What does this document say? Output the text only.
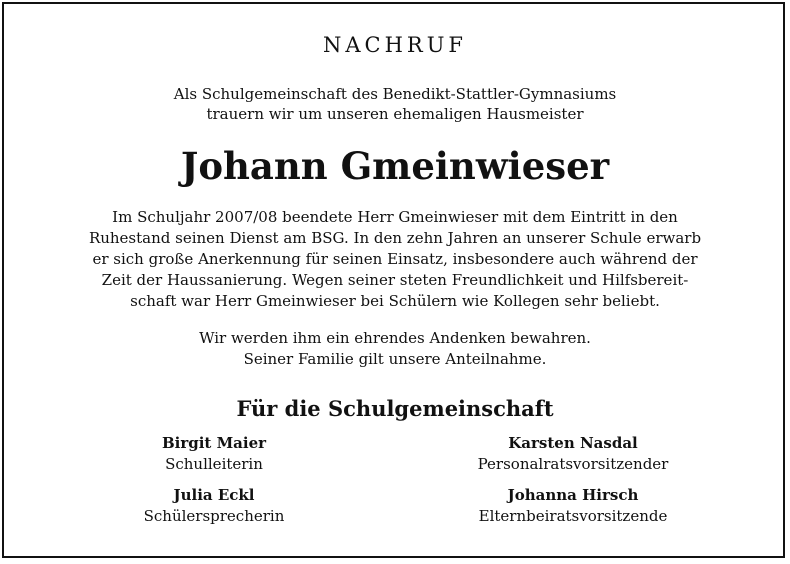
NACHRUF
Als Schulgemeinschaft des Benedikt-Stattler-Gymnasiums
trauern wir um unseren ehemaligen Hausmeister
Johann Gmeinwieser
Im Schuljahr 2007/08 beendete Herr Gmeinwieser mit dem Eintritt in den
Ruhestand seinen Dienst am BSG. In den zehn Jahren an unserer Schule erwarb
er sich große Anerkennung für seinen Einsatz, insbesondere auch während der
Zeit der Haussanierung. Wegen seiner steten Freundlichkeit und Hilfsbereit-
schaft war Herr Gmeinwieser bei Schülern wie Kollegen sehr beliebt.
Wir werden ihm ein ehrendes Andenken bewahren.
Seiner Familie gilt unsere Anteilnahme.
Für die Schulgemeinschaft
Birgit Maier
Schulleiterin
Karsten Nasdal
Personalratsvorsitzender
Julia Eckl
Schülersprecherin
Johanna Hirsch
Elternbeiratsvorsitzende
